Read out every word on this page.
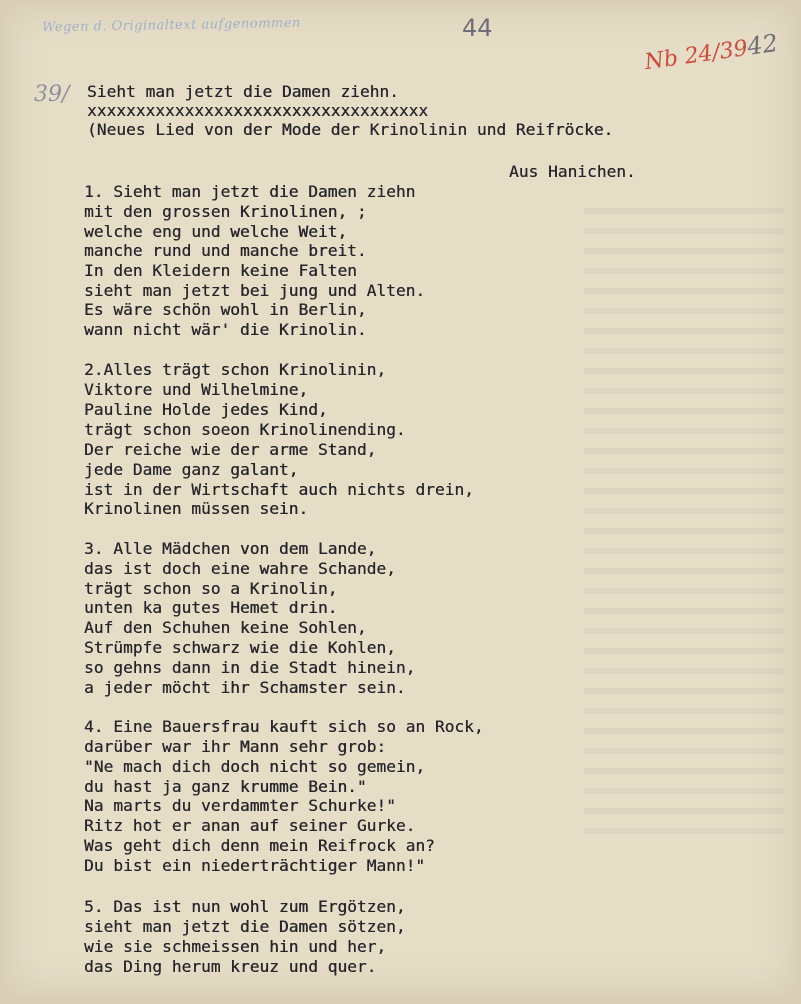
Wegen d. Originaltext aufgenommen	44
Nb 24/3942
39/ Sieht man jetzt die Damen ziehn.
xxxxxxxxxxxxxxxxxxxxxxxxxxxxxxxxxxx
(Neues Lied von der Mode der Krinolinin und Reifröcke.
Aus Hanichen.
1. Sieht man jetzt die Damen ziehn
mit den grossen Krinolinen, ;
welche eng und welche Weit,
manche rund und manche breit.
In den Kleidern keine Falten
sieht man jetzt bei jung und Alten.
Es wäre schön wohl in Berlin,
wann nicht wär' die Krinolin.
2.Alles trägt schon Krinolinin,
Viktore und Wilhelmine,
Pauline Holde jedes Kind,
trägt schon soeon Krinolinending.
Der reiche wie der arme Stand,
jede Dame ganz galant,
ist in der Wirtschaft auch nichts drein,
Krinolinen müssen sein.
3. Alle Mädchen von dem Lande,
das ist doch eine wahre Schande,
trägt schon so a Krinolin,
unten ka gutes Hemet drin.
Auf den Schuhen keine Sohlen,
Strümpfe schwarz wie die Kohlen,
so gehns dann in die Stadt hinein,
a jeder möcht ihr Schamster sein.
4. Eine Bauersfrau kauft sich so an Rock,
darüber war ihr Mann sehr grob:
"Ne mach dich doch nicht so gemein,
du hast ja ganz krumme Bein."
Na marts du verdammter Schurke!"
Ritz hot er anan auf seiner Gurke.
Was geht dich denn mein Reifrock an?
Du bist ein niederträchtiger Mann!"
5. Das ist nun wohl zum Ergötzen,
sieht man jetzt die Damen sötzen,
wie sie schmeissen hin und her,
das Ding herum kreuz und quer.
